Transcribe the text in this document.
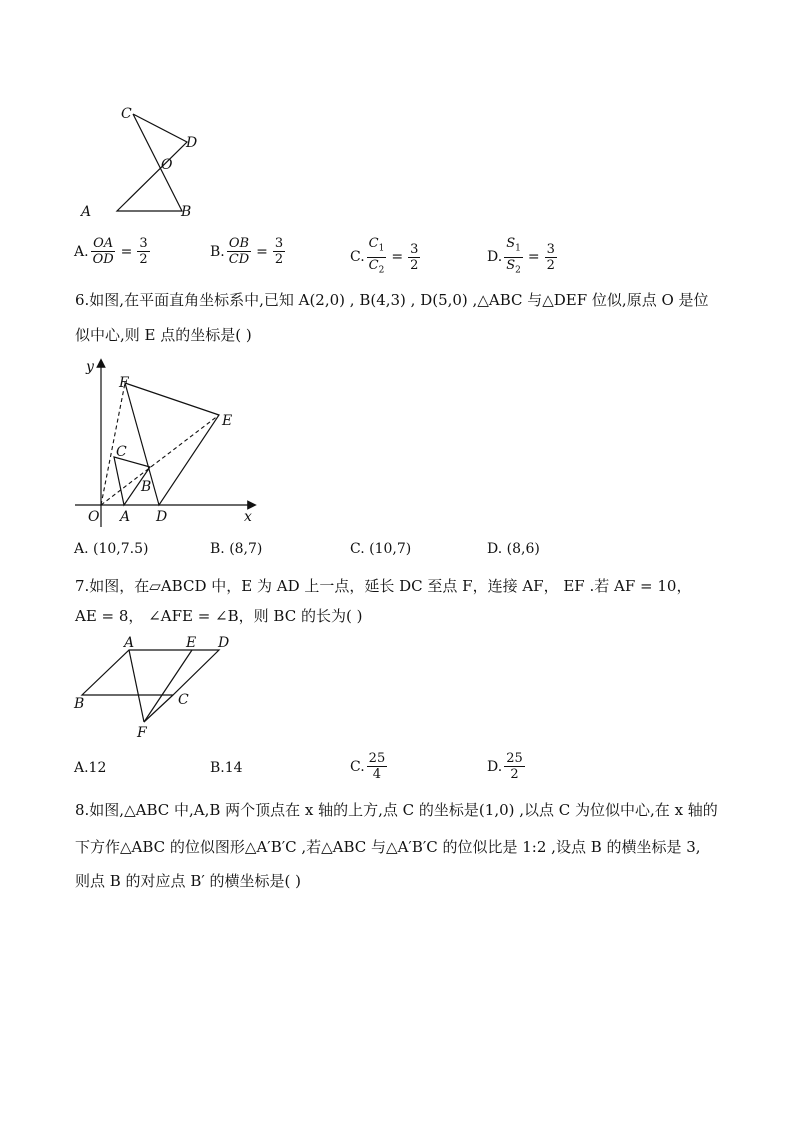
C
D
O
A	B
A. $\frac{OA}{OD} = \frac{3}{2}$	B. $\frac{OB}{CD} = \frac{3}{2}$	C. $\frac{C_1}{C_2} = \frac{3}{2}$	D. $\frac{S_1}{S_2} = \frac{3}{2}$
6.如图,在平面直角坐标系中,已知 A(2,0) , B(4,3) , D(5,0) ,△ABC 与△DEF 位似,原点 O 是位
似中心,则 E 点的坐标是( )
y
x
F
E
C
B
O A D
A. (10,7.5)	B. (8,7)	C. (10,7)	D. (8,6)
7.如图，在▱ABCD 中，E 为 AD 上一点，延长 DC 至点 F，连接 AF， EF .若 AF = 10，
AE = 8， ∠AFE = ∠B，则 BC 的长为( )
A	E D
B	C
F
A.12	B.14	C. $\frac{25}{4}$	D. $\frac{25}{2}$
8.如图,△ABC 中,A,B 两个顶点在 x 轴的上方,点 C 的坐标是(1,0) ,以点 C 为位似中心,在 x 轴的
下方作△ABC 的位似图形△A′B′C ,若△ABC 与△A′B′C 的位似比是 1:2 ,设点 B 的横坐标是 3,
则点 B 的对应点 B′ 的横坐标是( )
